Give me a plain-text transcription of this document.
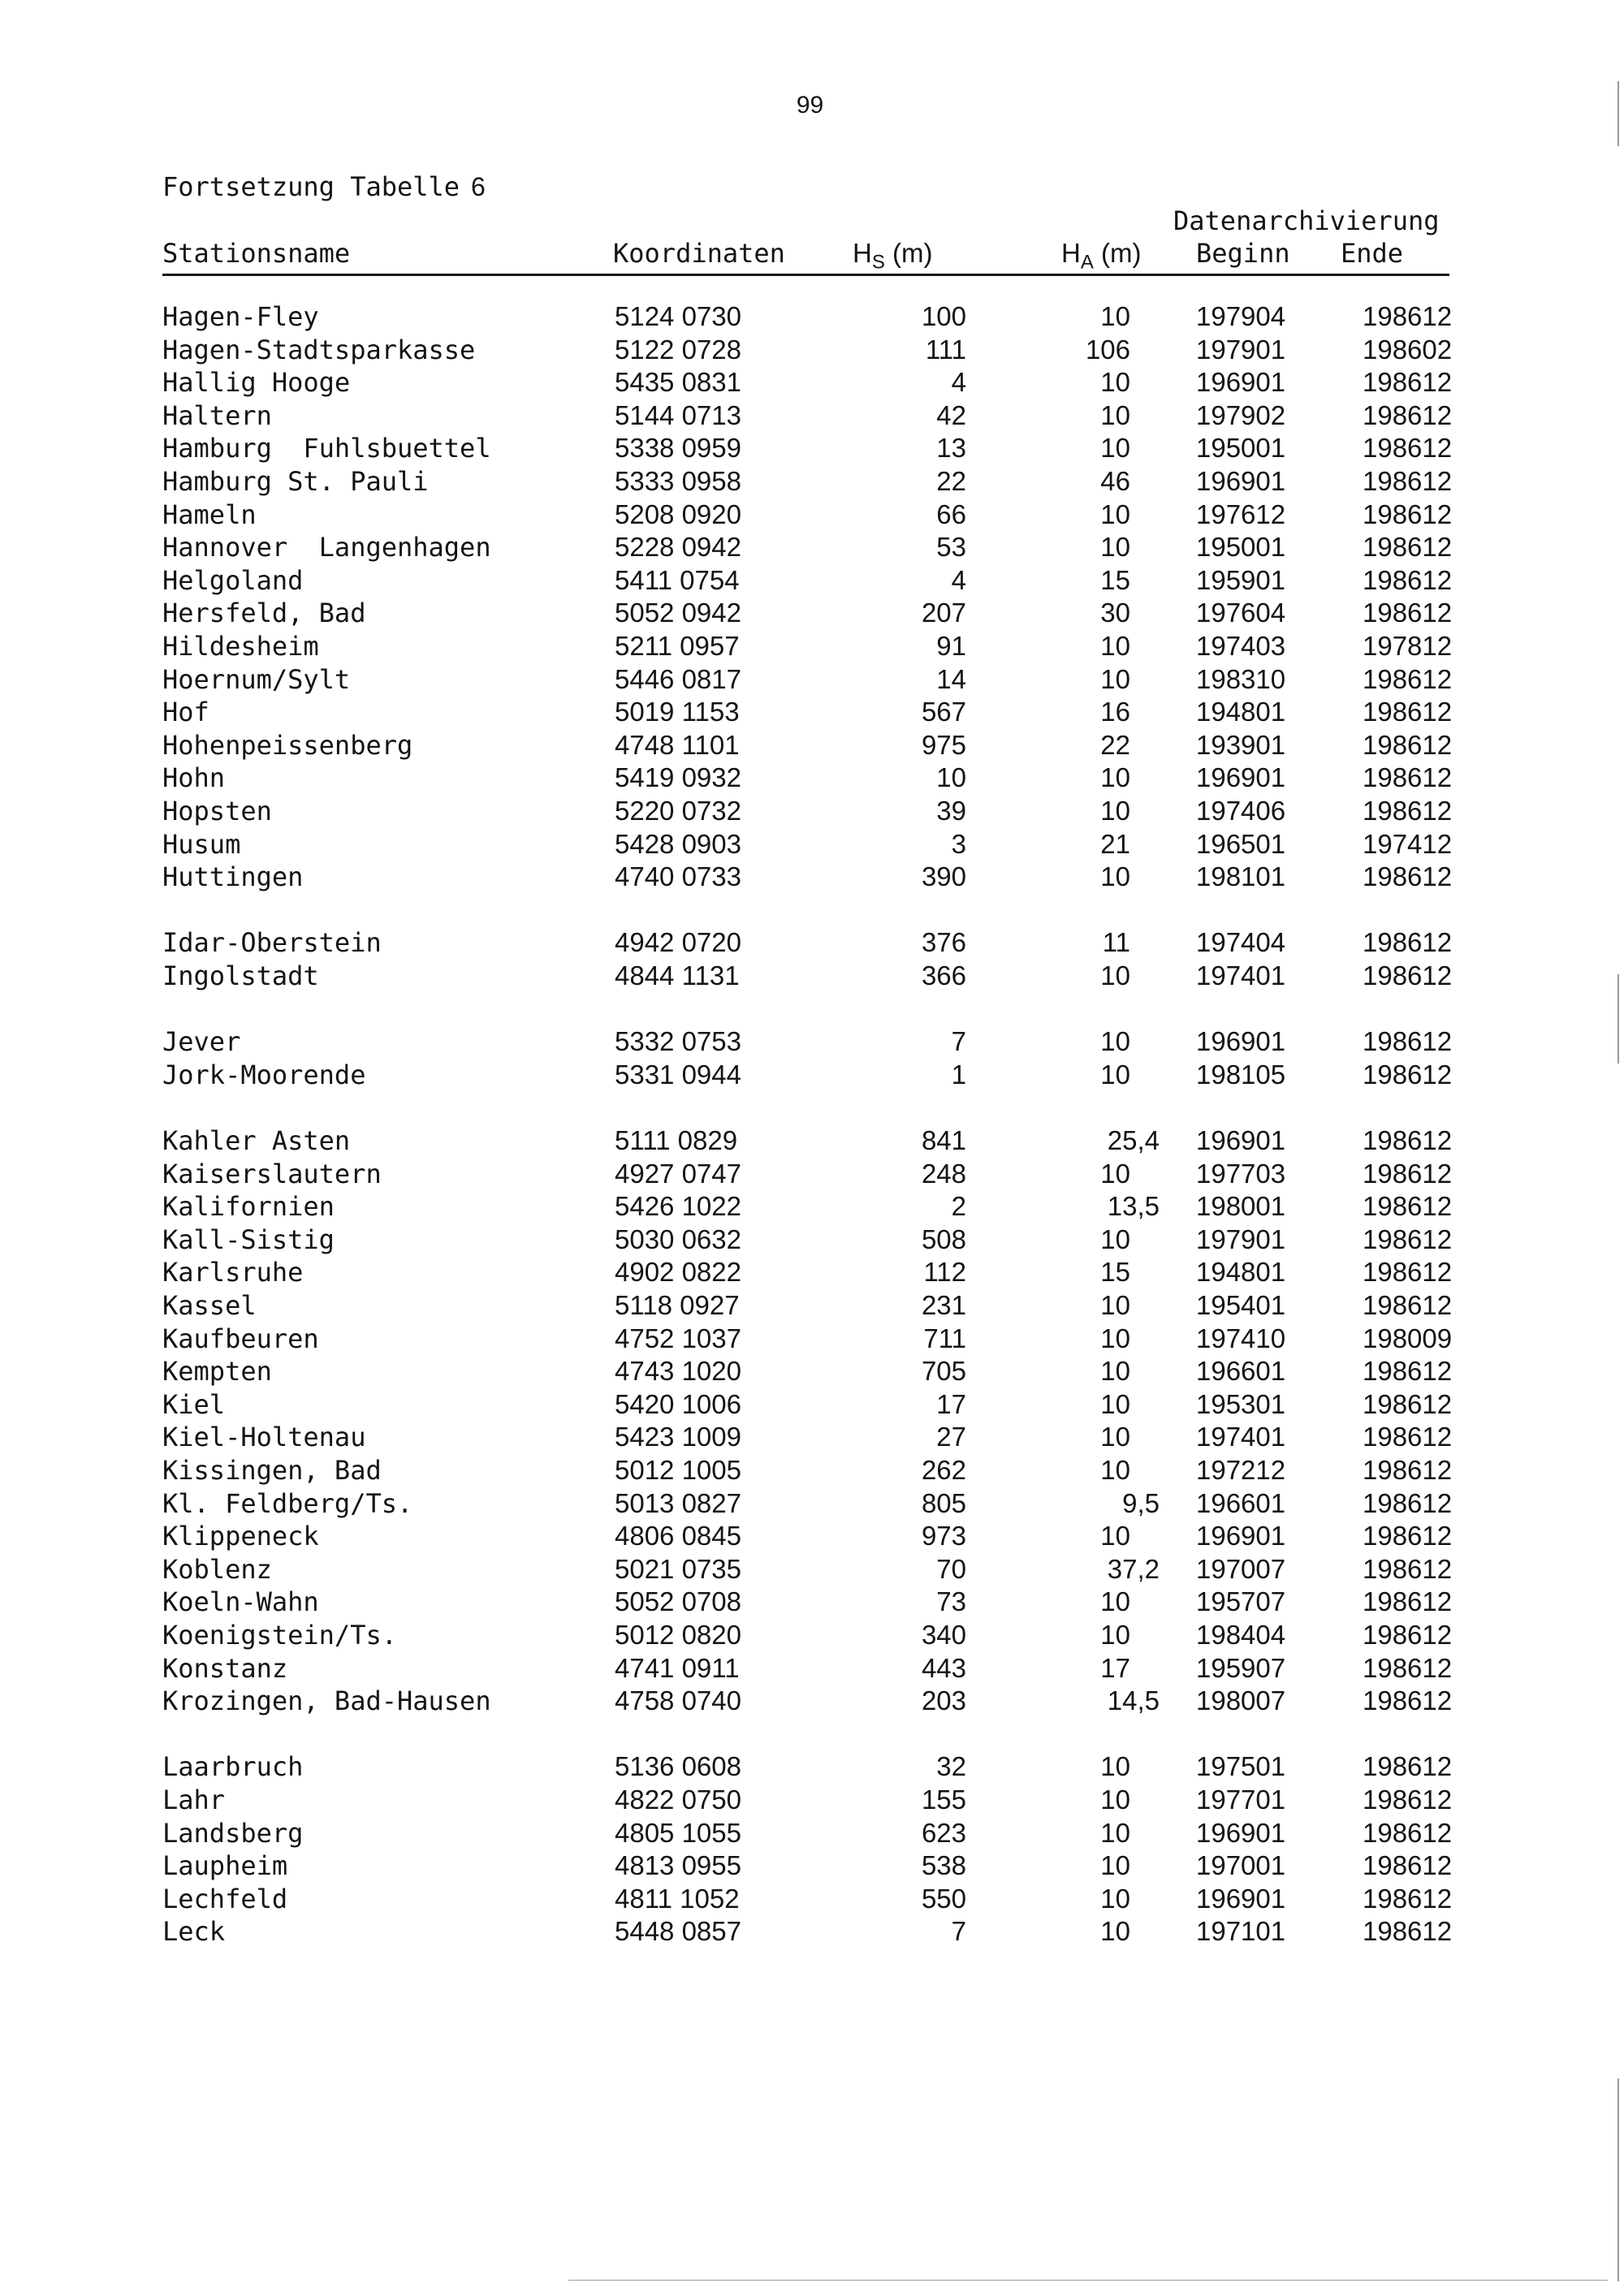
99
Fortsetzung Tabelle 6
Stationsname	Koordinaten	$H_S$ (m)	$H_A$ (m)
Datenarchivierung
Beginn Ende
Hagen-Fley	5124 0730	100	10 197904	198612
Hagen-Stadtsparkasse	5122 0728	111	106 197901	198602
Hallig Hooge	5435 0831	4	10 196901	198612
Haltern	5144 0713	42	10 197902	198612
Hamburg  Fuhlsbuettel	5338 0959	13	10 195001	198612
Hamburg St. Pauli	5333 0958	22	46 196901	198612
Hameln	5208 0920	66	10 197612	198612
Hannover  Langenhagen	5228 0942	53	10 195001	198612
Helgoland	5411 0754	4	15 195901	198612
Hersfeld, Bad	5052 0942	207	30 197604	198612
Hildesheim	5211 0957	91	10 197403	197812
Hoernum/Sylt	5446 0817	14	10 198310	198612
Hof	5019 1153	567	16 194801	198612
Hohenpeissenberg	4748 1101	975	22 193901	198612
Hohn	5419 0932	10	10 196901	198612
Hopsten	5220 0732	39	10 197406	198612
Husum	5428 0903	3	21 196501	197412
Huttingen	4740 0733	390	10 198101	198612
Idar-Oberstein	4942 0720	376	11 197404	198612
Ingolstadt	4844 1131	366	10 197401	198612
Jever	5332 0753	7	10 196901	198612
Jork-Moorende	5331 0944	1	10 198105	198612
Kahler Asten	5111 0829	841	25,4 196901	198612
Kaiserslautern	4927 0747	248	10 197703	198612
Kalifornien	5426 1022	2	13,5 198001	198612
Kall-Sistig	5030 0632	508	10 197901	198612
Karlsruhe	4902 0822	112	15 194801	198612
Kassel	5118 0927	231	10 195401	198612
Kaufbeuren	4752 1037	711	10 197410	198009
Kempten	4743 1020	705	10 196601	198612
Kiel	5420 1006	17	10 195301	198612
Kiel-Holtenau	5423 1009	27	10 197401	198612
Kissingen, Bad	5012 1005	262	10 197212	198612
Kl. Feldberg/Ts.	5013 0827	805	9,5 196601	198612
Klippeneck	4806 0845	973	10 196901	198612
Koblenz	5021 0735	70	37,2 197007	198612
Koeln-Wahn	5052 0708	73	10 195707	198612
Koenigstein/Ts.	5012 0820	340	10 198404	198612
Konstanz	4741 0911	443	17 195907	198612
Krozingen, Bad-Hausen	4758 0740	203	14,5 198007	198612
Laarbruch	5136 0608	32	10 197501	198612
Lahr	4822 0750	155	10 197701	198612
Landsberg	4805 1055	623	10 196901	198612
Laupheim	4813 0955	538	10 197001	198612
Lechfeld	4811 1052	550	10 196901	198612
Leck	5448 0857	7	10 197101	198612
